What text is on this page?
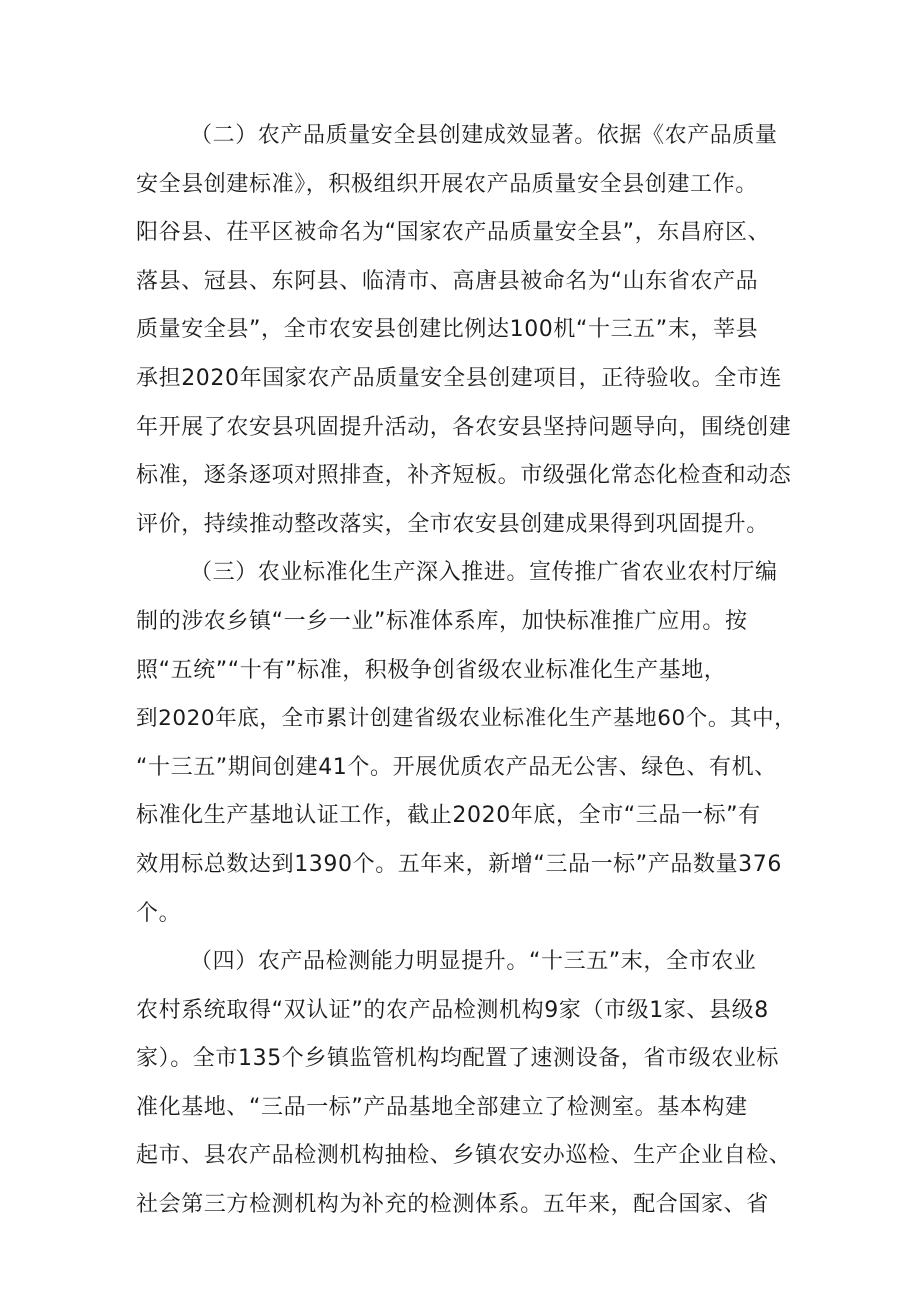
（二）农产品质量安全县创建成效显著。依据《农产品质量
安全县创建标准》，积极组织开展农产品质量安全县创建工作。
阳谷县、茌平区被命名为“国家农产品质量安全县”，东昌府区、
落县、冠县、东阿县、临清市、高唐县被命名为“山东省农产品
质量安全县”，全市农安县创建比例达100机“十三五”末，莘县
承担2020年国家农产品质量安全县创建项目，正待验收。全市连
年开展了农安县巩固提升活动，各农安县坚持问题导向，围绕创建
标准，逐条逐项对照排查，补齐短板。市级强化常态化检查和动态
评价，持续推动整改落实，全市农安县创建成果得到巩固提升。
（三）农业标准化生产深入推进。宣传推广省农业农村厅编
制的涉农乡镇“一乡一业”标准体系库，加快标准推广应用。按
照“五统”“十有”标准，积极争创省级农业标准化生产基地，
到2020年底，全市累计创建省级农业标准化生产基地60个。其中，
“十三五”期间创建41个。开展优质农产品无公害、绿色、有机、
标准化生产基地认证工作，截止2020年底，全市“三品一标”有
效用标总数达到1390个。五年来，新增“三品一标”产品数量376
个。
（四）农产品检测能力明显提升。“十三五”末，全市农业
农村系统取得“双认证”的农产品检测机构9家（市级1家、县级8
家）。全市135个乡镇监管机构均配置了速测设备，省市级农业标
准化基地、“三品一标”产品基地全部建立了检测室。基本构建
起市、县农产品检测机构抽检、乡镇农安办巡检、生产企业自检、
社会第三方检测机构为补充的检测体系。五年来，配合国家、省
